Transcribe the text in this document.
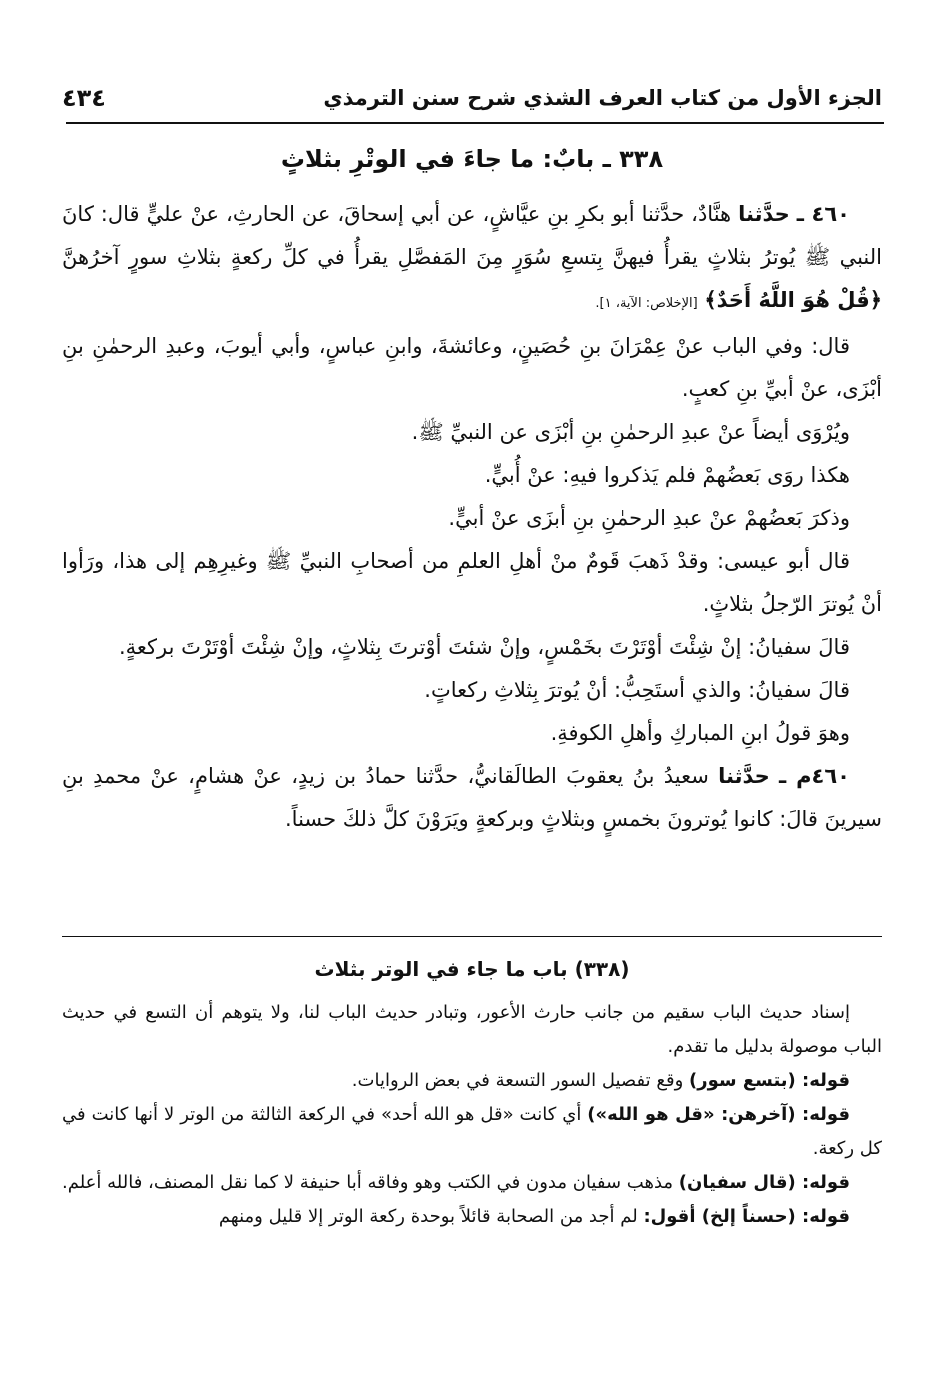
الجزء الأول من كتاب العرف الشذي شرح سنن الترمذي
٤٣٤
٣٣٨ ـ بابٌ: ما جاءَ في الوتْرِ بثلاثٍ

٤٦٠ ـ حدَّثنا هنَّادٌ، حدَّثنا أبو بكرِ بنِ عيَّاشٍ، عن أبي إسحاقَ، عن الحارثِ، عنْ عليٍّ قال: كانَ النبي ﷺ يُوترُ بثلاثٍ يقرأُ فيهنَّ بِتسعِ سُوَرٍ مِنَ المَفصَّلِ يقرأُ في كلِّ ركعةٍ بثلاثِ سورٍ آخرُهنَّ ﴿قُلْ هُوَ اللَّهُ أَحَدٌ﴾ [الإخلاص: الآية، ١].

قال: وفي الباب عنْ عِمْرَانَ بنِ حُصَينٍ، وعائشةَ، وابنِ عباسٍ، وأبي أيوبَ، وعبدِ الرحمٰنِ بنِ أبْزَى، عنْ أبيِّ بنِ كعبٍ.

ويُرْوَى أيضاً عنْ عبدِ الرحمٰنِ بنِ أبْزَى عن النبيِّ ﷺ.

هكذا روَى بَعضُهمْ فلم يَذكروا فيهِ: عنْ أُبيٍّ.

وذكرَ بَعضُهمْ عنْ عبدِ الرحمٰنِ بنِ أبزَى عنْ أبيٍّ.

قال أبو عيسى: وقدْ ذَهبَ قَومٌ منْ أهلِ العلمِ من أصحابِ النبيِّ ﷺ وغيرِهِم إلى هذا، ورَأوا أنْ يُوترَ الرّجلُ بثلاثٍ.

قالَ سفيانُ: إنْ شِئْتَ أوْتَرْتَ بخَمْسٍ، وإنْ شئتَ أوْترتَ بِثلاثٍ، وإنْ شِئْتَ أوْتَرْتَ بركعةٍ.

قالَ سفيانُ: والذي أستَحِبُّ: أنْ يُوترَ بِثلاثِ ركعاتٍ.

وهوَ قولُ ابنِ المباركِ وأهلِ الكوفةِ.

٤٦٠م ـ حدَّثنا سعيدُ بنُ يعقوبَ الطالَقانيُّ، حدَّثنا حمادُ بن زيدٍ، عنْ هشامٍ، عنْ محمدِ بنِ سيرينَ قالَ: كانوا يُوترونَ بخمسٍ وبثلاثٍ وبركعةٍ ويَرَوْنَ كلَّ ذلكَ حسناً.

(٣٣٨) باب ما جاء في الوتر بثلاث

إسناد حديث الباب سقيم من جانب حارث الأعور، وتبادر حديث الباب لنا، ولا يتوهم أن التسع في حديث الباب موصولة بدليل ما تقدم.

قوله: (بتسع سور) وقع تفصيل السور التسعة في بعض الروايات.

قوله: (آخرهن: «قل هو الله») أي كانت «قل هو الله أحد» في الركعة الثالثة من الوتر لا أنها كانت في كل ركعة.

قوله: (قال سفيان) مذهب سفيان مدون في الكتب وهو وفاقه أبا حنيفة لا كما نقل المصنف، فالله أعلم.

قوله: (حسناً إلخ) أقول: لم أجد من الصحابة قائلاً بوحدة ركعة الوتر إلا قليل ومنهم
